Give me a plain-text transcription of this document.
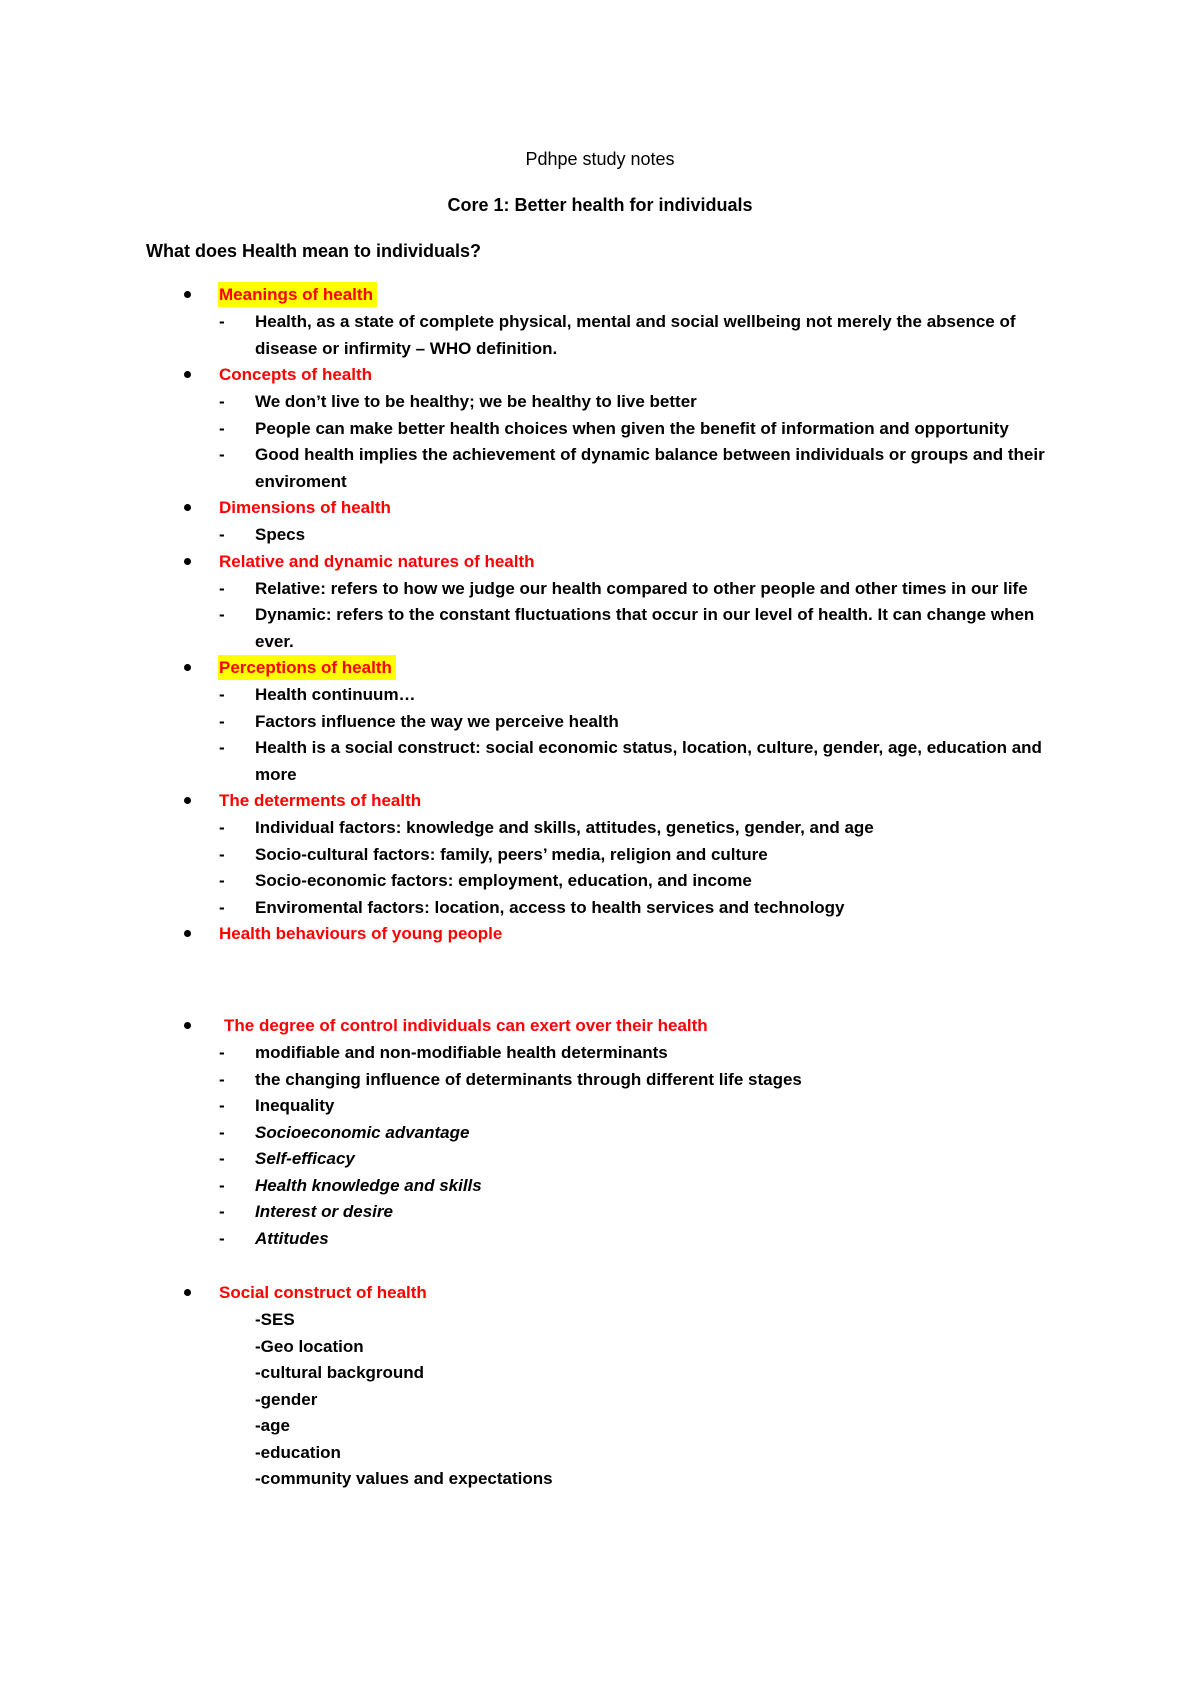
Pdhpe study notes
Core 1: Better health for individuals
What does Health mean to individuals?
Meanings of health
- Health, as a state of complete physical, mental and social wellbeing not merely the absence of disease or infirmity – WHO definition.
Concepts of health
- We don’t live to be healthy; we be healthy to live better
- People can make better health choices when given the benefit of information and opportunity
- Good health implies the achievement of dynamic balance between individuals or groups and their enviroment
Dimensions of health
- Specs
Relative and dynamic natures of health
- Relative: refers to how we judge our health compared to other people and other times in our life
- Dynamic: refers to the constant fluctuations that occur in our level of health. It can change when ever.
Perceptions of health
- Health continuum…
- Factors influence the way we perceive health
- Health is a social construct: social economic status, location, culture, gender, age, education and more
The determents of health
- Individual factors: knowledge and skills, attitudes, genetics, gender, and age
- Socio-cultural factors: family, peers’ media, religion and culture
- Socio-economic factors: employment, education, and income
- Enviromental factors: location, access to health services and technology
Health behaviours of young people
The degree of control individuals can exert over their health
- modifiable and non-modifiable health determinants
- the changing influence of determinants through different life stages
- Inequality
- Socioeconomic advantage
- Self-efficacy
- Health knowledge and skills
- Interest or desire
- Attitudes
Social construct of health
-SES
-Geo location
-cultural background
-gender
-age
-education
-community values and expectations
